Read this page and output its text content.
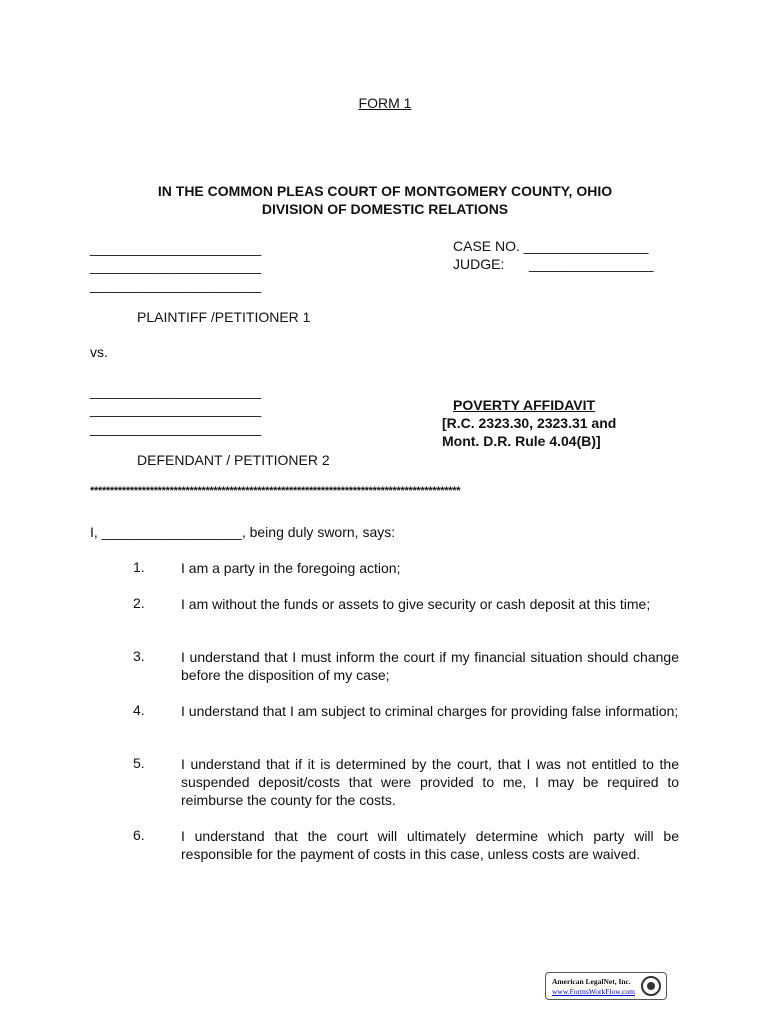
FORM 1
IN THE COMMON PLEAS COURT OF MONTGOMERY COUNTY, OHIO
DIVISION OF DOMESTIC RELATIONS
______________________
______________________
______________________
CASE NO. ________________
JUDGE: ________________
PLAINTIFF /PETITIONER 1
vs.
______________________
______________________
______________________
POVERTY AFFIDAVIT
[R.C. 2323.30, 2323.31 and
Mont. D.R. Rule 4.04(B)]
DEFENDANT / PETITIONER 2
*********************************************************************************************
I, __________________, being duly sworn, says:
1.	I am a party in the foregoing action;
2.	I am without the funds or assets to give security or cash deposit at this time;
3.	I understand that I must inform the court if my financial situation should change before the disposition of my case;
4.	I understand that I am subject to criminal charges for providing false information;
5.	I understand that if it is determined by the court, that I was not entitled to the suspended deposit/costs that were provided to me, I may be required to reimburse the county for the costs.
6.	I understand that the court will ultimately determine which party will be responsible for the payment of costs in this case, unless costs are waived.
American LegalNet, Inc.
www.FormsWorkFlow.com
